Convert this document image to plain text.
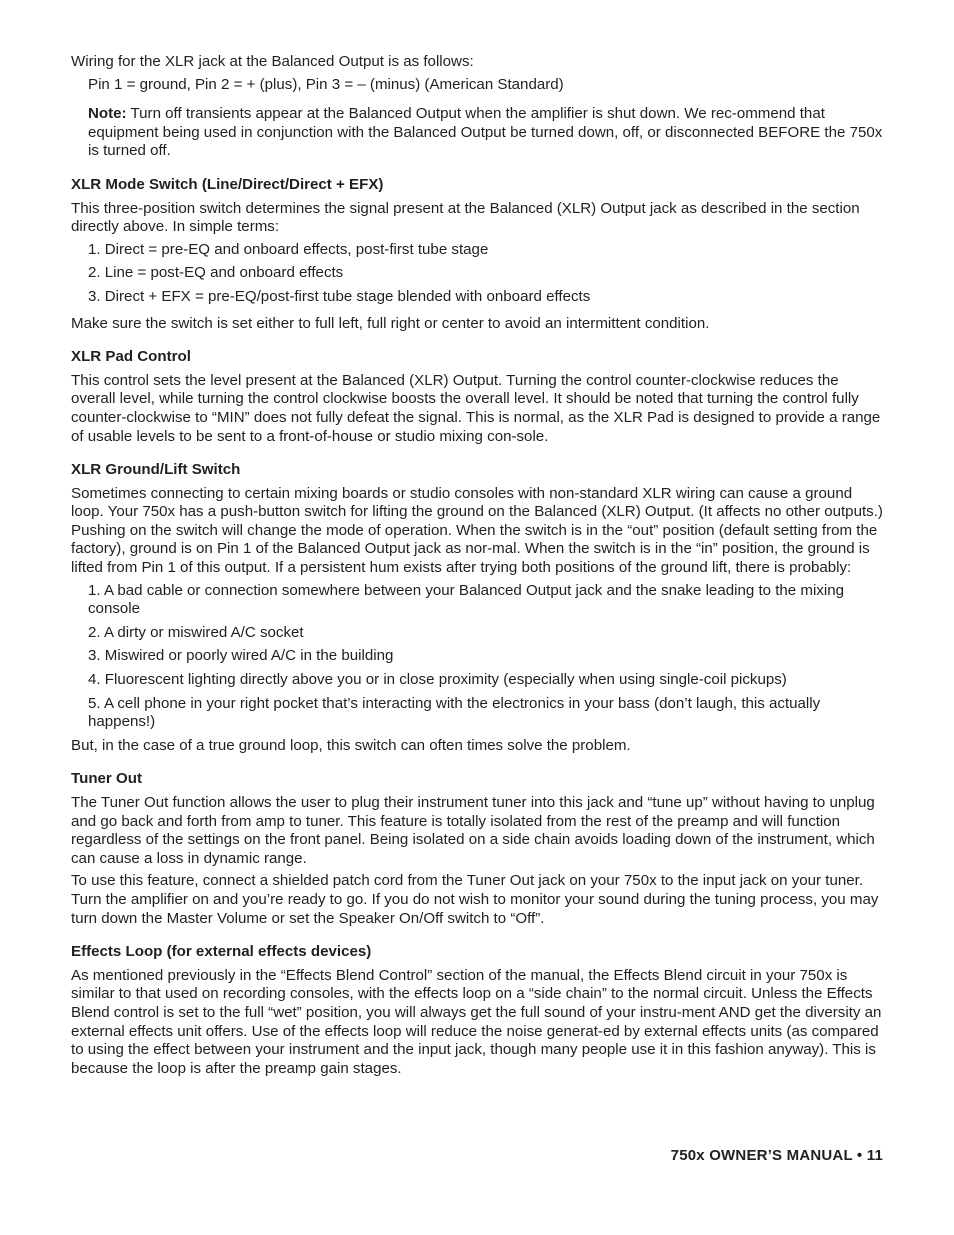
Wiring for the XLR jack at the Balanced Output is as follows:

Pin 1 = ground, Pin 2 = + (plus), Pin 3 = – (minus) (American Standard)

Note: Turn off transients appear at the Balanced Output when the amplifier is shut down. We rec-ommend that equipment being used in conjunction with the Balanced Output be turned down, off, or disconnected BEFORE the 750x is turned off.

XLR Mode Switch (Line/Direct/Direct + EFX)

This three-position switch determines the signal present at the Balanced (XLR) Output jack as described in the section directly above. In simple terms:

1. Direct = pre-EQ and onboard effects, post-first tube stage
2. Line = post-EQ and onboard effects
3. Direct + EFX = pre-EQ/post-first tube stage blended with onboard effects

Make sure the switch is set either to full left, full right or center to avoid an intermittent condition.

XLR Pad Control

This control sets the level present at the Balanced (XLR) Output. Turning the control counter-clockwise reduces the overall level, while turning the control clockwise boosts the overall level. It should be noted that turning the control fully counter-clockwise to “MIN” does not fully defeat the signal. This is normal, as the XLR Pad is designed to provide a range of usable levels to be sent to a front-of-house or studio mixing con-sole.

XLR Ground/Lift Switch

Sometimes connecting to certain mixing boards or studio consoles with non-standard XLR wiring can cause a ground loop. Your 750x has a push-button switch for lifting the ground on the Balanced (XLR) Output. (It affects no other outputs.) Pushing on the switch will change the mode of operation. When the switch is in the “out” position (default setting from the factory), ground is on Pin 1 of the Balanced Output jack as nor-mal. When the switch is in the “in” position, the ground is lifted from Pin 1 of this output. If a persistent hum exists after trying both positions of the ground lift, there is probably:

1. A bad cable or connection somewhere between your Balanced Output jack and the snake leading to the mixing console
2. A dirty or miswired A/C socket
3. Miswired or poorly wired A/C in the building
4. Fluorescent lighting directly above you or in close proximity (especially when using single-coil pickups)
5. A cell phone in your right pocket that’s interacting with the electronics in your bass (don’t laugh, this actually happens!)

But, in the case of a true ground loop, this switch can often times solve the problem.

Tuner Out

The Tuner Out function allows the user to plug their instrument tuner into this jack and “tune up” without having to unplug and go back and forth from amp to tuner. This feature is totally isolated from the rest of the preamp and will function regardless of the settings on the front panel. Being isolated on a side chain avoids loading down of the instrument, which can cause a loss in dynamic range.

To use this feature, connect a shielded patch cord from the Tuner Out jack on your 750x to the input jack on your tuner. Turn the amplifier on and you’re ready to go. If you do not wish to monitor your sound during the tuning process, you may turn down the Master Volume or set the Speaker On/Off switch to “Off”.

Effects Loop (for external effects devices)

As mentioned previously in the “Effects Blend Control” section of the manual, the Effects Blend circuit in your 750x is similar to that used on recording consoles, with the effects loop on a “side chain” to the normal circuit. Unless the Effects Blend control is set to the full “wet” position, you will always get the full sound of your instru-ment AND get the diversity an external effects unit offers. Use of the effects loop will reduce the noise generat-ed by external effects units (as compared to using the effect between your instrument and the input jack, though many people use it in this fashion anyway). This is because the loop is after the preamp gain stages.

750x OWNER’S MANUAL • 11
